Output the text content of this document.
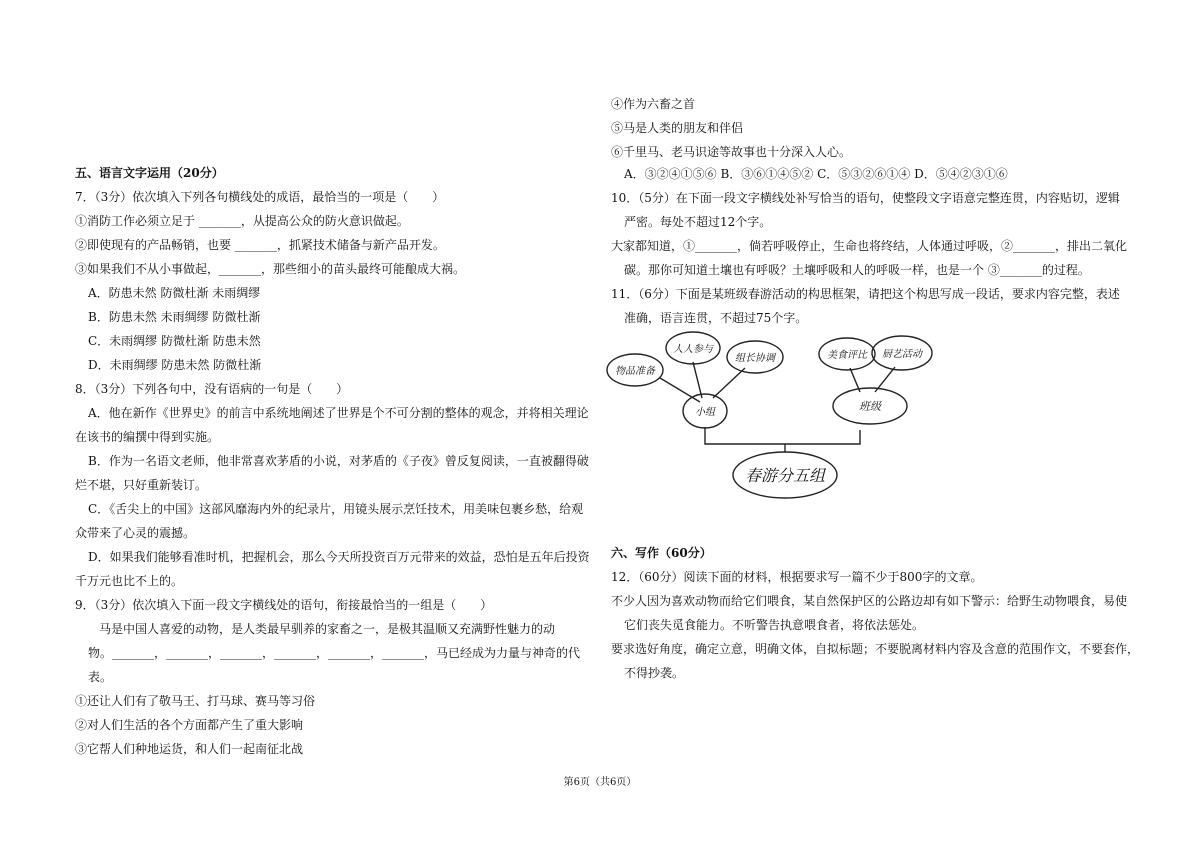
五、语言文字运用（20分）
7．（3分）依次填入下列各句横线处的成语，最恰当的一项是（　　）
①消防工作必须立足于 _______，从提高公众的防火意识做起。
②即使现有的产品畅销，也要 _______，抓紧技术储备与新产品开发。
③如果我们不从小事做起，_______，那些细小的苗头最终可能酿成大祸。
A．防患未然 防微杜渐 未雨绸缪
B．防患未然 未雨绸缪 防微杜渐
C．未雨绸缪 防微杜渐 防患未然
D．未雨绸缪 防患未然 防微杜渐
8．（3分）下列各句中，没有语病的一句是（　　）
A．他在新作《世界史》的前言中系统地阐述了世界是个不可分割的整体的观念，并将相关理论
在该书的编撰中得到实施。
B．作为一名语文老师，他非常喜欢茅盾的小说，对茅盾的《子夜》曾反复阅读，一直被翻得破
烂不堪，只好重新装订。
C．《舌尖上的中国》这部风靡海内外的纪录片，用镜头展示烹饪技术，用美味包裹乡愁，给观
众带来了心灵的震撼。
D．如果我们能够看准时机，把握机会，那么今天所投资百万元带来的效益，恐怕是五年后投资
千万元也比不上的。
9．（3分）依次填入下面一段文字横线处的语句，衔接最恰当的一组是（　　）
马是中国人喜爱的动物，是人类最早驯养的家畜之一，是极其温顺又充满野性魅力的动
物。_______，_______，_______，_______，_______，_______，马已经成为力量与神奇的代
表。
①还让人们有了敬马王、打马球、赛马等习俗
②对人们生活的各个方面都产生了重大影响
③它帮人们种地运货，和人们一起南征北战
④作为六畜之首
⑤马是人类的朋友和伴侣
⑥千里马、老马识途等故事也十分深入人心。
A．③②④①⑤⑥ B．③⑥①④⑤② C．⑤③②⑥①④ D．⑤④②③①⑥
10．（5分）在下面一段文字横线处补写恰当的语句，使整段文字语意完整连贯，内容贴切，逻辑
严密。每处不超过12个字。
大家都知道，①_______，倘若呼吸停止，生命也将终结，人体通过呼吸，②_______，排出二氧化
碳。那你可知道土壤也有呼吸？土壤呼吸和人的呼吸一样，也是一个 ③_______的过程。
11．（6分）下面是某班级春游活动的构思框架，请把这个构思写成一段话，要求内容完整，表述
准确，语言连贯，不超过75个字。
六、写作（60分）
12．（60分）阅读下面的材料，根据要求写一篇不少于800字的文章。
不少人因为喜欢动物而给它们喂食，某自然保护区的公路边却有如下警示：给野生动物喂食，易使
它们丧失觅食能力。不听警告执意喂食者，将依法惩处。
要求选好角度，确定立意，明确文体，自拟标题；不要脱离材料内容及含意的范围作文，不要套作，
不得抄袭。
物品准备
人人参与
组长协调
小组
美食评比 厨艺活动
班级
春游分五组
第6页（共6页）
